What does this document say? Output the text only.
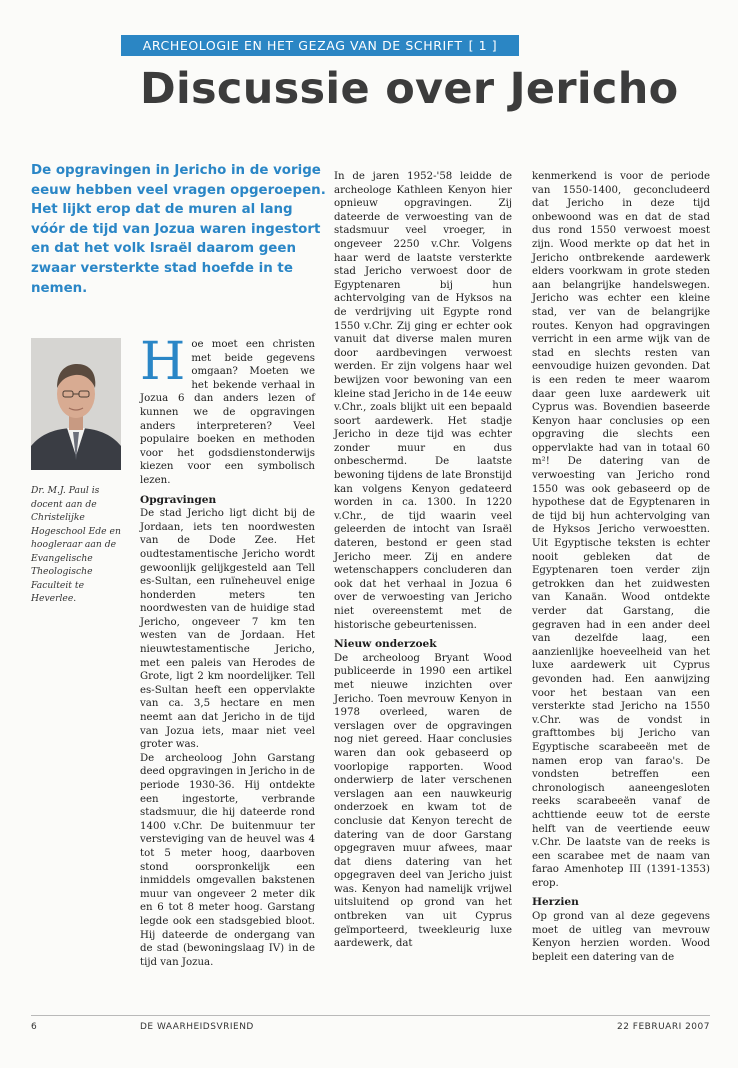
ARCHEOLOGIE EN HET GEZAG VAN DE SCHRIFT [ 1 ]
Discussie over Jericho

De opgravingen in Jericho in de vorige eeuw hebben veel vragen opgeroepen. Het lijkt erop dat de muren al lang vóór de tijd van Jozua waren ingestort en dat het volk Israël daarom geen zwaar versterkte stad hoefde in te nemen.

Dr. M.J. Paul is docent aan de Christelijke Hogeschool Ede en hoogleraar aan de Evangelische Theologische Faculteit te Heverlee.

Hoe moet een christen met beide gegevens omgaan? Moeten we het bekende verhaal in Jozua 6 dan anders lezen of kunnen we de opgravingen anders interpreteren? Veel populaire boeken en methoden voor het godsdienstonderwijs kiezen voor een symbolisch lezen.

Opgravingen

De stad Jericho ligt dicht bij de Jordaan, iets ten noordwesten van de Dode Zee. Het oudtestamentische Jericho wordt gewoonlijk gelijkgesteld aan Tell es-Sultan, een ruïneheuvel enige honderden meters ten noordwesten van de huidige stad Jericho, ongeveer 7 km ten westen van de Jordaan. Het nieuwtestamentische Jericho, met een paleis van Herodes de Grote, ligt 2 km noordelijker. Tell es-Sultan heeft een oppervlakte van ca. 3,5 hectare en men neemt aan dat Jericho in de tijd van Jozua iets, maar niet veel groter was.

De archeoloog John Garstang deed opgravingen in Jericho in de periode 1930-36. Hij ontdekte een ingestorte, verbrande stadsmuur, die hij dateerde rond 1400 v.Chr. De buitenmuur ter versteviging van de heuvel was 4 tot 5 meter hoog, daarboven stond oorspronkelijk een inmiddels omgevallen bakstenen muur van ongeveer 2 meter dik en 6 tot 8 meter hoog. Garstang legde ook een stadsgebied bloot. Hij dateerde de ondergang van de stad (bewoningslaag IV) in de tijd van Jozua.

In de jaren 1952-'58 leidde de archeologe Kathleen Kenyon hier opnieuw opgravingen. Zij dateerde de verwoesting van de stadsmuur veel vroeger, in ongeveer 2250 v.Chr. Volgens haar werd de laatste versterkte stad Jericho verwoest door de Egyptenaren bij hun achtervolging van de Hyksos na de verdrijving uit Egypte rond 1550 v.Chr. Zij ging er echter ook vanuit dat diverse malen muren door aardbevingen verwoest werden. Er zijn volgens haar wel bewijzen voor bewoning van een kleine stad Jericho in de 14e eeuw v.Chr., zoals blijkt uit een bepaald soort aardewerk. Het stadje Jericho in deze tijd was echter zonder muur en dus onbeschermd. De laatste bewoning tijdens de late Bronstijd kan volgens Kenyon gedateerd worden in ca. 1300. In 1220 v.Chr., de tijd waarin veel geleerden de intocht van Israël dateren, bestond er geen stad Jericho meer. Zij en andere wetenschappers concluderen dan ook dat het verhaal in Jozua 6 over de verwoesting van Jericho niet overeenstemt met de historische gebeurtenissen.

Nieuw onderzoek

De archeoloog Bryant Wood publiceerde in 1990 een artikel met nieuwe inzichten over Jericho. Toen mevrouw Kenyon in 1978 overleed, waren de verslagen over de opgravingen nog niet gereed. Haar conclusies waren dan ook gebaseerd op voorlopige rapporten. Wood onderwierp de later verschenen verslagen aan een nauwkeurig onderzoek en kwam tot de conclusie dat Kenyon terecht de datering van de door Garstang opgegraven muur afwees, maar dat diens datering van het opgegraven deel van Jericho juist was. Kenyon had namelijk vrijwel uitsluitend op grond van het ontbreken van uit Cyprus geïmporteerd, tweekleurig luxe aardewerk, dat

kenmerkend is voor de periode van 1550-1400, geconcludeerd dat Jericho in deze tijd onbewoond was en dat de stad dus rond 1550 verwoest moest zijn. Wood merkte op dat het in Jericho ontbrekende aardewerk elders voorkwam in grote steden aan belangrijke handelswegen. Jericho was echter een kleine stad, ver van de belangrijke routes. Kenyon had opgravingen verricht in een arme wijk van de stad en slechts resten van eenvoudige huizen gevonden. Dat is een reden te meer waarom daar geen luxe aardewerk uit Cyprus was. Bovendien baseerde Kenyon haar conclusies op een opgraving die slechts een oppervlakte had van in totaal 60 m²! De datering van de verwoesting van Jericho rond 1550 was ook gebaseerd op de hypothese dat de Egyptenaren in de tijd bij hun achtervolging van de Hyksos Jericho verwoestten. Uit Egyptische teksten is echter nooit gebleken dat de Egyptenaren toen verder zijn getrokken dan het zuidwesten van Kanaän. Wood ontdekte verder dat Garstang, die gegraven had in een ander deel van dezelfde laag, een aanzienlijke hoeveelheid van het luxe aardewerk uit Cyprus gevonden had. Een aanwijzing voor het bestaan van een versterkte stad Jericho na 1550 v.Chr. was de vondst in grafttombes bij Jericho van Egyptische scarabeeën met de namen erop van farao's. De vondsten betreffen een chronologisch aaneengesloten reeks scarabeeën vanaf de achttiende eeuw tot de eerste helft van de veertiende eeuw v.Chr. De laatste van de reeks is een scarabee met de naam van farao Amenhotep III (1391-1353) erop.

Herzien

Op grond van al deze gegevens moet de uitleg van mevrouw Kenyon herzien worden. Wood bepleit een datering van de

6	DE WAARHEIDSVRIEND	22 FEBRUARI 2007
